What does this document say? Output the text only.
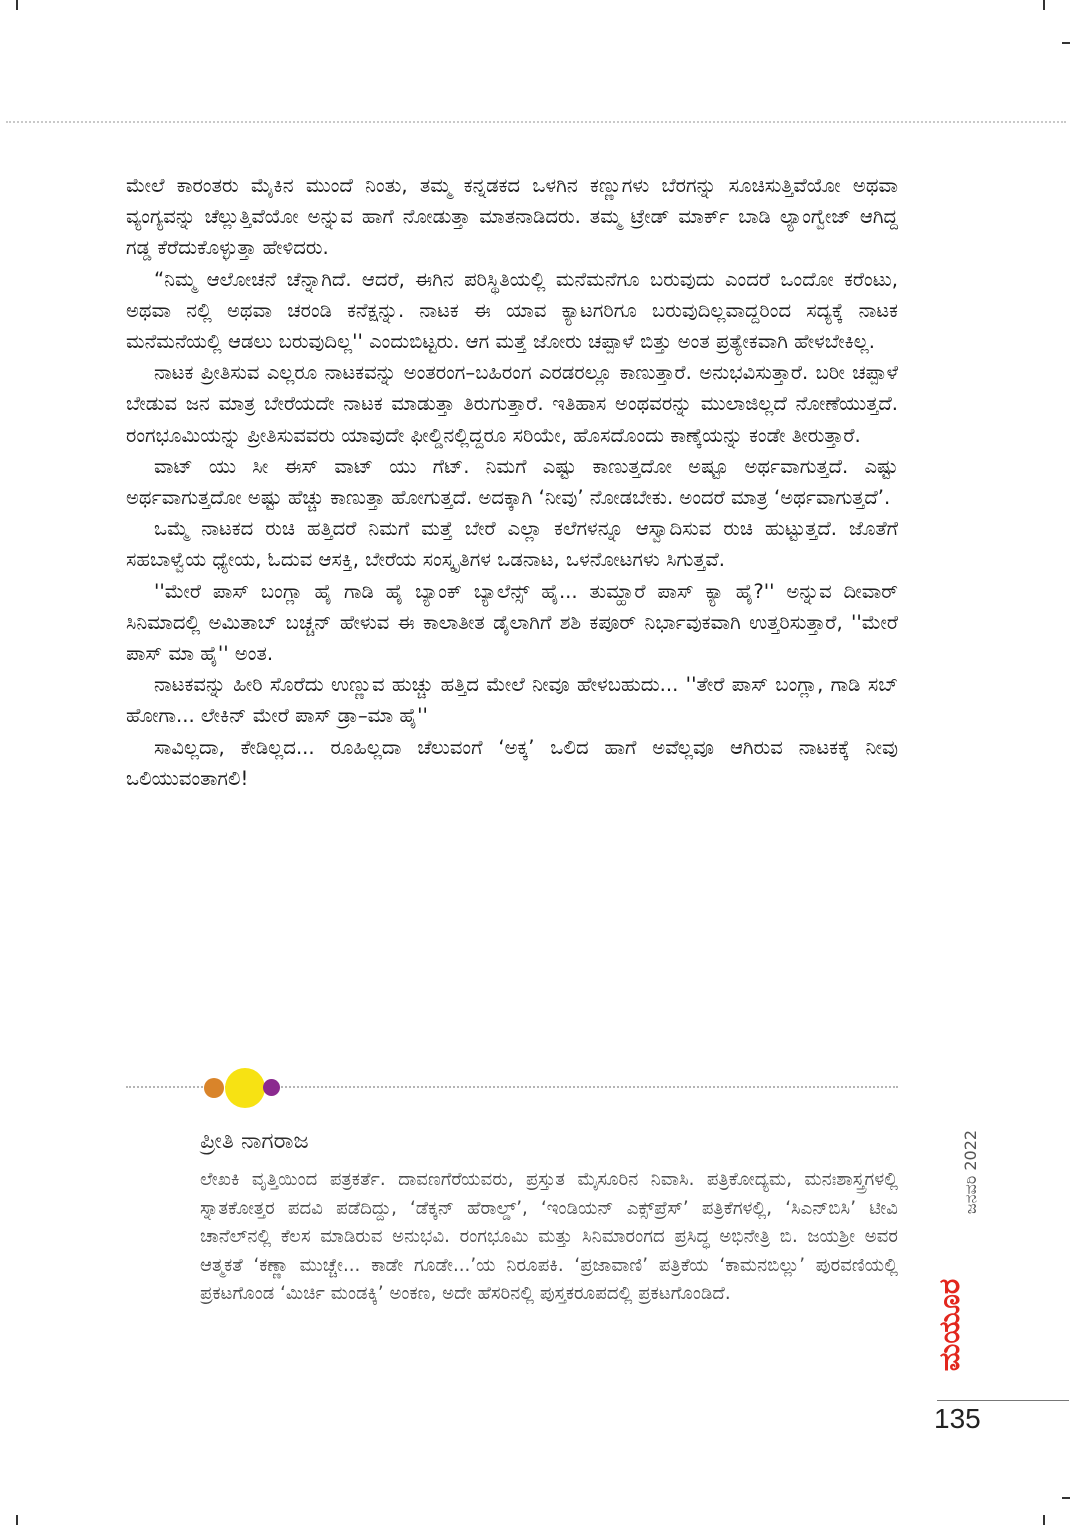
ಮೇಲೆ ಕಾರಂತರು ಮೈಕಿನ ಮುಂದೆ ನಿಂತು, ತಮ್ಮ ಕನ್ನಡಕದ ಒಳಗಿನ ಕಣ್ಣುಗಳು ಬೆರಗನ್ನು ಸೂಚಿಸುತ್ತಿವೆಯೋ ಅಥವಾ ವ್ಯಂಗ್ಯವನ್ನು ಚೆಲ್ಲುತ್ತಿವೆಯೋ ಅನ್ನುವ ಹಾಗೆ ನೋಡುತ್ತಾ ಮಾತನಾಡಿದರು. ತಮ್ಮ ಟ್ರೇಡ್ ಮಾರ್ಕ್ ಬಾಡಿ ಲ್ಯಾಂಗ್ವೇಜ್ ಆಗಿದ್ದ ಗಡ್ಡ ಕೆರೆದುಕೊಳ್ಳುತ್ತಾ ಹೇಳಿದರು.

“ನಿಮ್ಮ ಆಲೋಚನೆ ಚೆನ್ನಾಗಿದೆ. ಆದರೆ, ಈಗಿನ ಪರಿಸ್ಥಿತಿಯಲ್ಲಿ ಮನೆಮನೆಗೂ ಬರುವುದು ಎಂದರೆ ಒಂದೋ ಕರೆಂಟು, ಅಥವಾ ನಲ್ಲಿ ಅಥವಾ ಚರಂಡಿ ಕನೆಕ್ಷನ್ನು. ನಾಟಕ ಈ ಯಾವ ಕ್ಯಾಟಗರಿಗೂ ಬರುವುದಿಲ್ಲವಾದ್ದರಿಂದ ಸದ್ಯಕ್ಕೆ ನಾಟಕ ಮನೆಮನೆಯಲ್ಲಿ ಆಡಲು ಬರುವುದಿಲ್ಲ'' ಎಂದುಬಿಟ್ಟರು. ಆಗ ಮತ್ತೆ ಜೋರು ಚಪ್ಪಾಳೆ ಬಿತ್ತು ಅಂತ ಪ್ರತ್ಯೇಕವಾಗಿ ಹೇಳಬೇಕಿಲ್ಲ.

ನಾಟಕ ಪ್ರೀತಿಸುವ ಎಲ್ಲರೂ ನಾಟಕವನ್ನು ಅಂತರಂಗ–ಬಹಿರಂಗ ಎರಡರಲ್ಲೂ ಕಾಣುತ್ತಾರೆ. ಅನುಭವಿಸುತ್ತಾರೆ. ಬರೀ ಚಪ್ಪಾಳೆ ಬೇಡುವ ಜನ ಮಾತ್ರ ಬೇರೆಯದೇ ನಾಟಕ ಮಾಡುತ್ತಾ ತಿರುಗುತ್ತಾರೆ. ಇತಿಹಾಸ ಅಂಥವರನ್ನು ಮುಲಾಜಿಲ್ಲದೆ ನೋಣೆಯುತ್ತದೆ. ರಂಗಭೂಮಿಯನ್ನು ಪ್ರೀತಿಸುವವರು ಯಾವುದೇ ಫೀಲ್ಡಿನಲ್ಲಿದ್ದರೂ ಸರಿಯೇ, ಹೊಸದೊಂದು ಕಾಣ್ಕೆಯನ್ನು ಕಂಡೇ ತೀರುತ್ತಾರೆ.

ವಾಟ್ ಯು ಸೀ ಈಸ್ ವಾಟ್ ಯು ಗೆಟ್. ನಿಮಗೆ ಎಷ್ಟು ಕಾಣುತ್ತದೋ ಅಷ್ಟೂ ಅರ್ಥವಾಗುತ್ತದೆ. ಎಷ್ಟು ಅರ್ಥವಾಗುತ್ತದೋ ಅಷ್ಟು ಹೆಚ್ಚು ಕಾಣುತ್ತಾ ಹೋಗುತ್ತದೆ. ಅದಕ್ಕಾಗಿ ‘ನೀವು’ ನೋಡಬೇಕು. ಅಂದರೆ ಮಾತ್ರ ‘ಅರ್ಥವಾಗುತ್ತದೆ’.

ಒಮ್ಮೆ ನಾಟಕದ ರುಚಿ ಹತ್ತಿದರೆ ನಿಮಗೆ ಮತ್ತೆ ಬೇರೆ ಎಲ್ಲಾ ಕಲೆಗಳನ್ನೂ ಆಸ್ವಾದಿಸುವ ರುಚಿ ಹುಟ್ಟುತ್ತದೆ. ಜೊತೆಗೆ ಸಹಬಾಳ್ವೆಯ ಧ್ಯೇಯ, ಓದುವ ಆಸಕ್ತಿ, ಬೇರೆಯ ಸಂಸ್ಕೃತಿಗಳ ಒಡನಾಟ, ಒಳನೋಟಗಳು ಸಿಗುತ್ತವೆ.

''ಮೇರೆ ಪಾಸ್ ಬಂಗ್ಲಾ ಹೈ ಗಾಡಿ ಹೈ ಬ್ಯಾಂಕ್ ಬ್ಯಾಲೆನ್ಸ್ ಹೈ... ತುಮ್ಹಾರೆ ಪಾಸ್ ಕ್ಯಾ ಹೈ?'' ಅನ್ನುವ ದೀವಾರ್ ಸಿನಿಮಾದಲ್ಲಿ ಅಮಿತಾಬ್ ಬಚ್ಚನ್ ಹೇಳುವ ಈ ಕಾಲಾತೀತ ಡೈಲಾಗಿಗೆ ಶಶಿ ಕಪೂರ್ ನಿರ್ಭಾವುಕವಾಗಿ ಉತ್ತರಿಸುತ್ತಾರೆ, ''ಮೇರೆ ಪಾಸ್ ಮಾ ಹೈ'' ಅಂತ.

ನಾಟಕವನ್ನು ಹೀರಿ ಸೊರೆದು ಉಣ್ಣುವ ಹುಚ್ಚು ಹತ್ತಿದ ಮೇಲೆ ನೀವೂ ಹೇಳಬಹುದು... ''ತೇರೆ ಪಾಸ್ ಬಂಗ್ಲಾ, ಗಾಡಿ ಸಬ್ ಹೋಗಾ... ಲೇಕಿನ್ ಮೇರೆ ಪಾಸ್ ಡ್ರಾ–ಮಾ ಹೈ''

ಸಾವಿಲ್ಲದಾ, ಕೇಡಿಲ್ಲದ... ರೂಹಿಲ್ಲದಾ ಚೆಲುವಂಗೆ ‘ಅಕ್ಕ’ ಒಲಿದ ಹಾಗೆ ಅವೆಲ್ಲವೂ ಆಗಿರುವ ನಾಟಕಕ್ಕೆ ನೀವು ಒಲಿಯುವಂತಾಗಲಿ!

ಪ್ರೀತಿ ನಾಗರಾಜ

ಲೇಖಕಿ ವೃತ್ತಿಯಿಂದ ಪತ್ರಕರ್ತೆ. ದಾವಣಗೆರೆಯವರು, ಪ್ರಸ್ತುತ ಮೈಸೂರಿನ ನಿವಾಸಿ. ಪತ್ರಿಕೋದ್ಯಮ, ಮನಃಶಾಸ್ತ್ರಗಳಲ್ಲಿ ಸ್ನಾತಕೋತ್ತರ ಪದವಿ ಪಡೆದಿದ್ದು, ‘ಡೆಕ್ಕನ್ ಹೆರಾಲ್ಡ್’, ‘ಇಂಡಿಯನ್ ಎಕ್ಸ್‌ಪ್ರೆಸ್’ ಪತ್ರಿಕೆಗಳಲ್ಲಿ, ‘ಸಿಎನ್‌ಬಿಸಿ’ ಟೀವಿ ಚಾನೆಲ್‌ನಲ್ಲಿ ಕೆಲಸ ಮಾಡಿರುವ ಅನುಭವಿ. ರಂಗಭೂಮಿ ಮತ್ತು ಸಿನಿಮಾರಂಗದ ಪ್ರಸಿದ್ಧ ಅಭಿನೇತ್ರಿ ಬಿ. ಜಯಶ್ರೀ ಅವರ ಆತ್ಮಕತೆ ‘ಕಣ್ಣಾ ಮುಚ್ಚೇ... ಕಾಡೇ ಗೂಡೇ...’ಯ ನಿರೂಪಕಿ. ‘ಪ್ರಜಾವಾಣಿ’ ಪತ್ರಿಕೆಯ ‘ಕಾಮನಬಿಲ್ಲು’ ಪುರವಣಿಯಲ್ಲಿ ಪ್ರಕಟಗೊಂಡ ‘ಮಿರ್ಚಿ ಮಂಡಕ್ಕಿ’ ಅಂಕಣ, ಅದೇ ಹೆಸರಿನಲ್ಲಿ ಪುಸ್ತಕರೂಪದಲ್ಲಿ ಪ್ರಕಟಗೊಂಡಿದೆ.

ಜನವರಿ 2022
ಮಯೂರ
135
